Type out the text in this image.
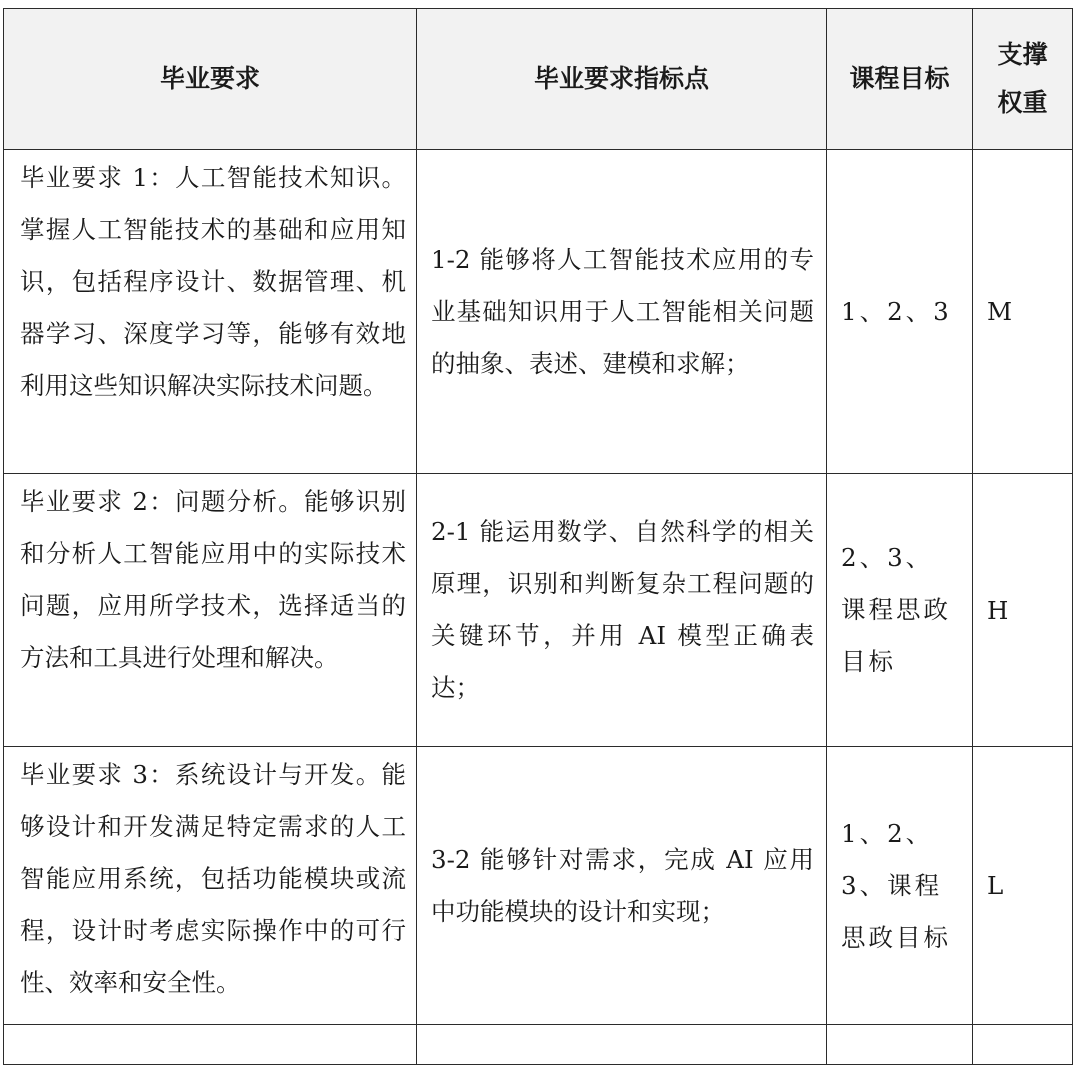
毕业要求	毕业要求指标点	课程目标	支撑
权重

毕业要求 1：人工智能技术知识。掌握人工智能技术的基础和应用知识，包括程序设计、数据管理、机器学习、深度学习等，能够有效地利用这些知识解决实际技术问题。	1-2 能够将人工智能技术应用的专业基础知识用于人工智能相关问题的抽象、表述、建模和求解；	1、2、3	M
毕业要求 2：问题分析。能够识别和分析人工智能应用中的实际技术问题，应用所学技术，选择适当的方法和工具进行处理和解决。	2-1 能运用数学、自然科学的相关原理，识别和判断复杂工程问题的关键环节，并用 AI 模型正确表达；	2、3、课程思政目标	H
毕业要求 3：系统设计与开发。能够设计和开发满足特定需求的人工智能应用系统，包括功能模块或流程，设计时考虑实际操作中的可行性、效率和安全性。	3-2 能够针对需求，完成 AI 应用中功能模块的设计和实现；	1、2、3、课程思政目标	L
